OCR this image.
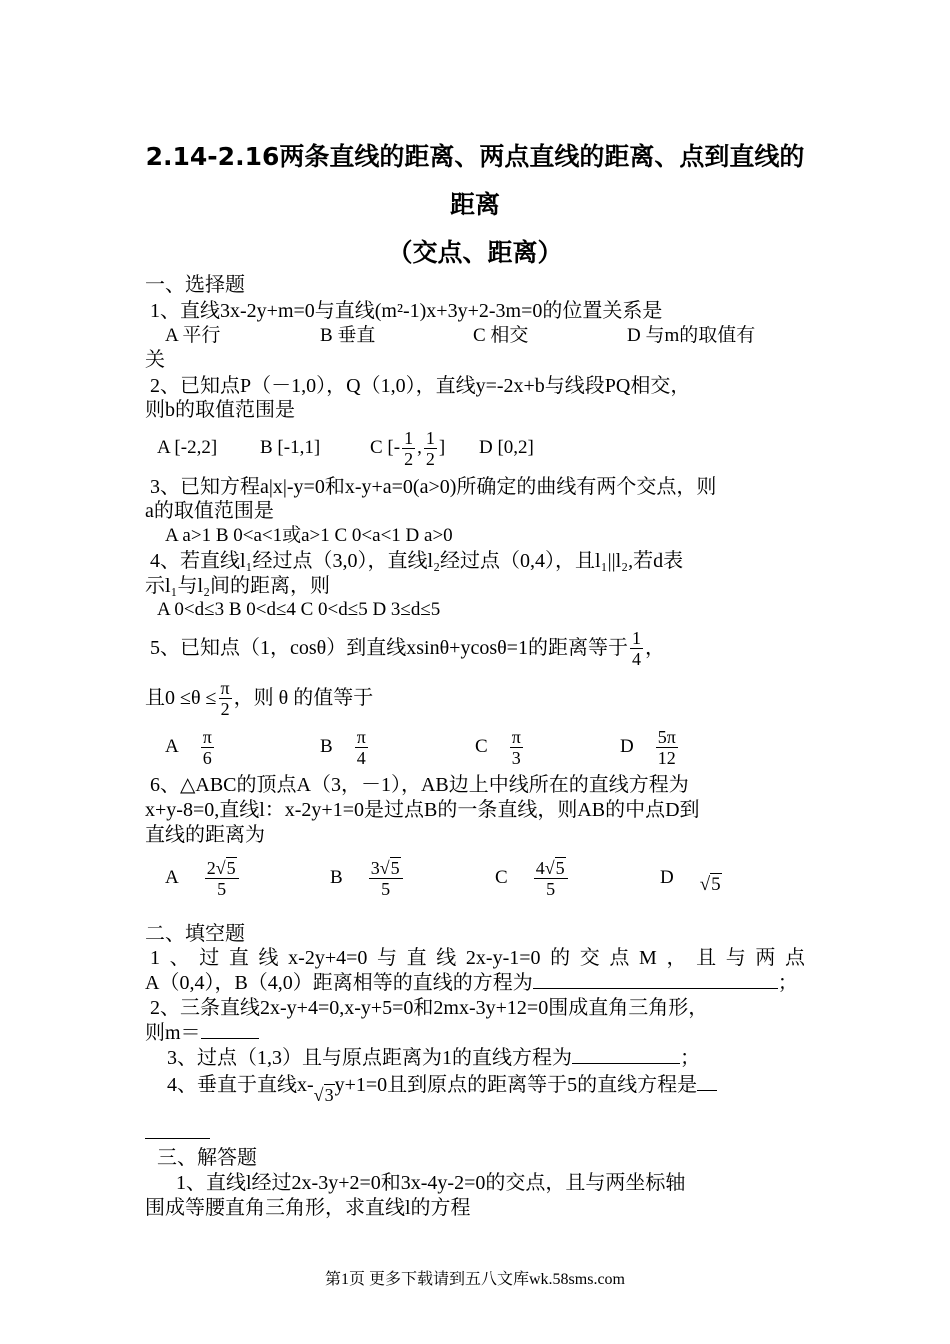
2.14-2.16两条直线的距离、两点直线的距离、点到直线的
距离
（交点、距离）
一、选择题
1、直线3x-2y+m=0与直线(m²-1)x+3y+2-3m=0的位置关系是
A 平行	B 垂直	C 相交	D 与m的取值有
关
2、已知点P（－1,0），Q（1,0），直线y=-2x+b与线段PQ相交，
则b的取值范围是
A [-2,2] B [-1,1]	C [- $\frac{1}{2}$ , $\frac{1}{2}$ ] D [0,2]
3、已知方程a|x|-y=0和x-y+a=0(a>0)所确定的曲线有两个交点，则
a的取值范围是
A a>1 B 0<a<1或a>1 C 0<a<1 D a>0
4、若直线l₁经过点（3,0），直线l₂经过点（0,4），且l₁||l₂,若d表
示l₁与l₂间的距离，则
A 0<d≤3 B 0<d≤4 C 0<d≤5 D 3≤d≤5
5、已知点（1，cosθ）到直线xsinθ+ycosθ=1的距离等于 $\frac{1}{4}$ ，
且$0 \le\theta \le \frac{\pi}{2}$ ，则 θ 的值等于
A $\frac{\pi}{6}$	B $\frac{\pi}{4}$	C $\frac{\pi}{3}$	D $\frac{5\pi}{12}$
6、△ABC的顶点A（3，－1），AB边上中线所在的直线方程为
x+y-8=0,直线l：x-2y+1=0是过点B的一条直线，则AB的中点D到
直线的距离为
A $\frac{2√5}{5}$	B $\frac{3√5}{5}$	C $\frac{4√5}{5}$	D √5
二、填空题
1、过直线x-2y+4=0与直线2x-y-1=0的交点M，且与两点
A（0,4），B（4,0）距离相等的直线的方程为	；
2、三条直线2x-y+4=0,x-y+5=0和2mx-3y+12=0围成直角三角形，
则m＝
3、过点（1,3）且与原点距离为1的直线方程为	；
4、垂直于直线x-√3y+1=0且到原点的距离等于5的直线方程是
三、解答题
1、直线l经过2x-3y+2=0和3x-4y-2=0的交点，且与两坐标轴
围成等腰直角三角形，求直线l的方程
第1页 更多下载请到五八文库wk.58sms.com
